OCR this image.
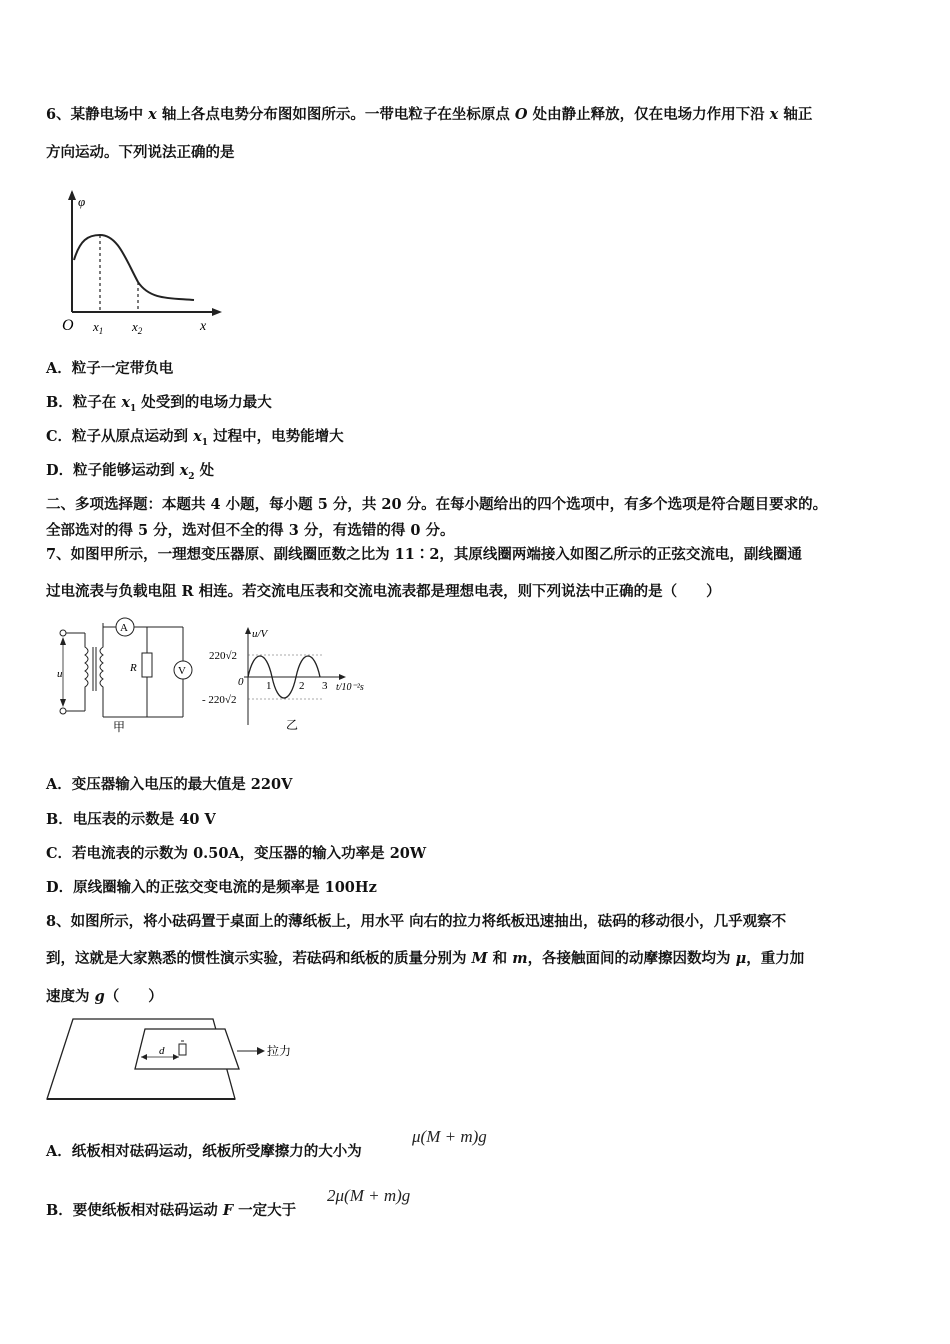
6、某静电场中 x 轴上各点电势分布图如图所示。一带电粒子在坐标原点 O 处由静止释放，仅在电场力作用下沿 x 轴正
方向运动。下列说法正确的是
φ
O $x_1$ $x_2$	x
A．粒子一定带负电
B．粒子在 $x_1$ 处受到的电场力最大
C．粒子从原点运动到 $x_1$ 过程中，电势能增大
D．粒子能够运动到 $x_2$ 处
二、多项选择题：本题共 4 小题，每小题 5 分，共 20 分。在每小题给出的四个选项中，有多个选项是符合题目要求的。
全部选对的得 5 分，选对但不全的得 3 分，有选错的得 0 分。
7、如图甲所示，一理想变压器原、副线圈匝数之比为 11∶2，其原线圈两端接入如图乙所示的正弦交流电，副线圈通
过电流表与负载电阻 R 相连。若交流电压表和交流电流表都是理想电表，则下列说法中正确的是（　　）
u
A
R	V
甲
u/V
220√2
- 220√2
0 1	2 3 t/10⁻²s
乙
A．变压器输入电压的最大值是 220V
B．电压表的示数是 40 V
C．若电流表的示数为 0.50A，变压器的输入功率是 20W
D．原线圈输入的正弦交变电流的是频率是 100Hz
8、如图所示，将小砝码置于桌面上的薄纸板上，用水平 向右的拉力将纸板迅速抽出，砝码的移动很小，几乎观察不
到，这就是大家熟悉的惯性演示实验，若砝码和纸板的质量分别为 M 和 m，各接触面间的动摩擦因数均为 μ，重力加
速度为 g（　　）
d	拉力
A．纸板相对砝码运动，纸板所受摩擦力的大小为
μ(M + m)g
B．要使纸板相对砝码运动 F 一定大于
2μ(M + m)g
